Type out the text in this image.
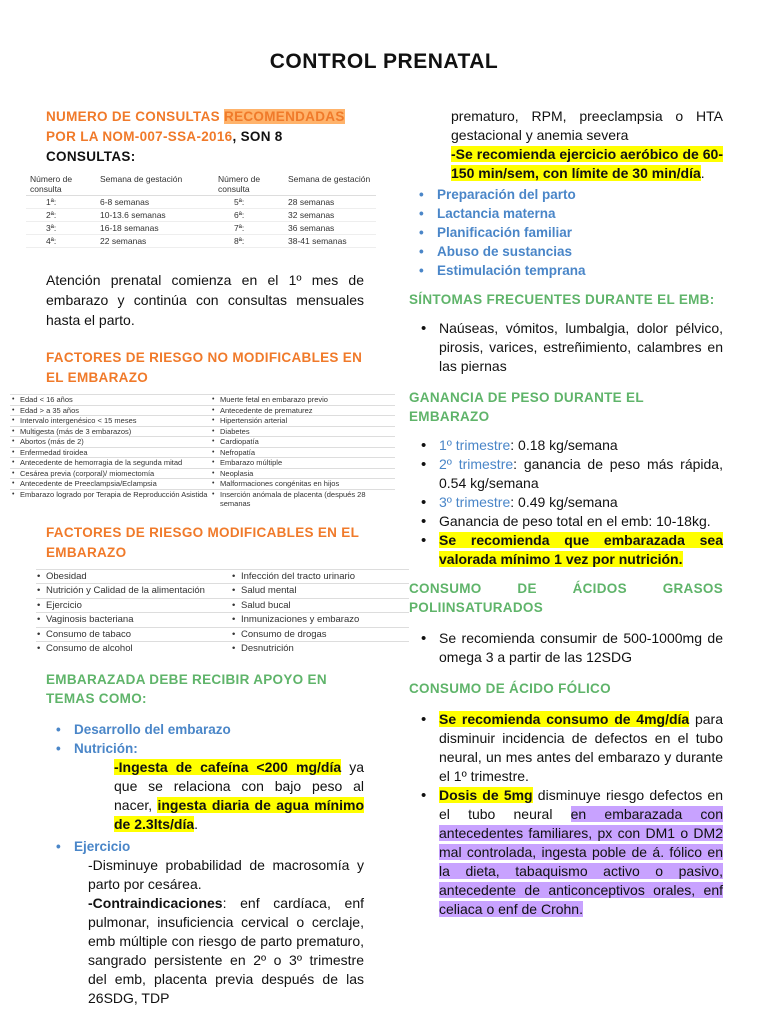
CONTROL PRENATAL
NUMERO DE CONSULTAS RECOMENDADAS POR LA NOM-007-SSA-2016, SON 8 CONSULTAS:
Número de consulta	Semana de gestación	Número de consulta	Semana de gestación
1ª:	6-8 semanas	5ª:	28 semanas
2ª:	10-13.6 semanas	6ª:	32 semanas
3ª:	16-18 semanas	7ª:	36 semanas
4ª:	22 semanas	8ª:	38-41 semanas
Atención prenatal comienza en el 1º mes de embarazo y continúa con consultas mensuales hasta el parto.
FACTORES DE RIESGO NO MODIFICABLES EN EL EMBARAZO
• Edad < 16 años	• Muerte fetal en embarazo previo
• Edad > a 35 años	• Antecedente de prematurez
• Intervalo intergenésico < 15 meses	• Hipertensión arterial
• Multigesta (más de 3 embarazos)	• Diabetes
• Abortos (más de 2)	• Cardiopatía
• Enfermedad tiroidea	• Nefropatía
• Antecedente de hemorragia de la segunda mitad	• Embarazo múltiple
• Cesárea previa (corporal)/ miomectomía	• Neoplasia
• Antecedente de Preeclampsia/Eclampsia	• Malformaciones congénitas en hijos
• Embarazo logrado por Terapia de Reproducción Asistida	• Inserción anómala de placenta (después 28 semanas
FACTORES DE RIESGO MODIFICABLES EN EL EMBARAZO
• Obesidad	• Infección del tracto urinario
• Nutrición y Calidad de la alimentación	• Salud mental
• Ejercicio	• Salud bucal
• Vaginosis bacteriana	• Inmunizaciones y embarazo
• Consumo de tabaco	• Consumo de drogas
• Consumo de alcohol	• Desnutrición
EMBARAZADA DEBE RECIBIR APOYO EN TEMAS COMO:
• Desarrollo del embarazo
• Nutrición:
-Ingesta de cafeína <200 mg/día ya que se relaciona con bajo peso al nacer, ingesta diaria de agua mínimo de 2.3lts/día.
• Ejercicio
-Disminuye probabilidad de macrosomía y parto por cesárea.
-Contraindicaciones: enf cardíaca, enf pulmonar, insuficiencia cervical o cerclaje, emb múltiple con riesgo de parto prematuro, sangrado persistente en 2º o 3º trimestre del emb, placenta previa después de las 26SDG, TDP
prematuro, RPM, preeclampsia o HTA gestacional y anemia severa
-Se recomienda ejercicio aeróbico de 60-150 min/sem, con límite de 30 min/día.
• Preparación del parto
• Lactancia materna
• Planificación familiar
• Abuso de sustancias
• Estimulación temprana
SÍNTOMAS FRECUENTES DURANTE EL EMB:
• Naúseas, vómitos, lumbalgia, dolor pélvico, pirosis, varices, estreñimiento, calambres en las piernas
GANANCIA DE PESO DURANTE EL EMBARAZO
• 1º trimestre: 0.18 kg/semana
• 2º trimestre: ganancia de peso más rápida, 0.54 kg/semana
• 3º trimestre: 0.49 kg/semana
• Ganancia de peso total en el emb: 10-18kg.
• Se recomienda que embarazada sea valorada mínimo 1 vez por nutrición.
CONSUMO DE ÁCIDOS GRASOS POLIINSATURADOS
• Se recomienda consumir de 500-1000mg de omega 3 a partir de las 12SDG
CONSUMO DE ÁCIDO FÓLICO
• Se recomienda consumo de 4mg/día para disminuir incidencia de defectos en el tubo neural, un mes antes del embarazo y durante el 1º trimestre.
• Dosis de 5mg disminuye riesgo defectos en el tubo neural en embarazada con antecedentes familiares, px con DM1 o DM2 mal controlada, ingesta poble de á. fólico en la dieta, tabaquismo activo o pasivo, antecedente de anticonceptivos orales, enf celiaca o enf de Crohn.
